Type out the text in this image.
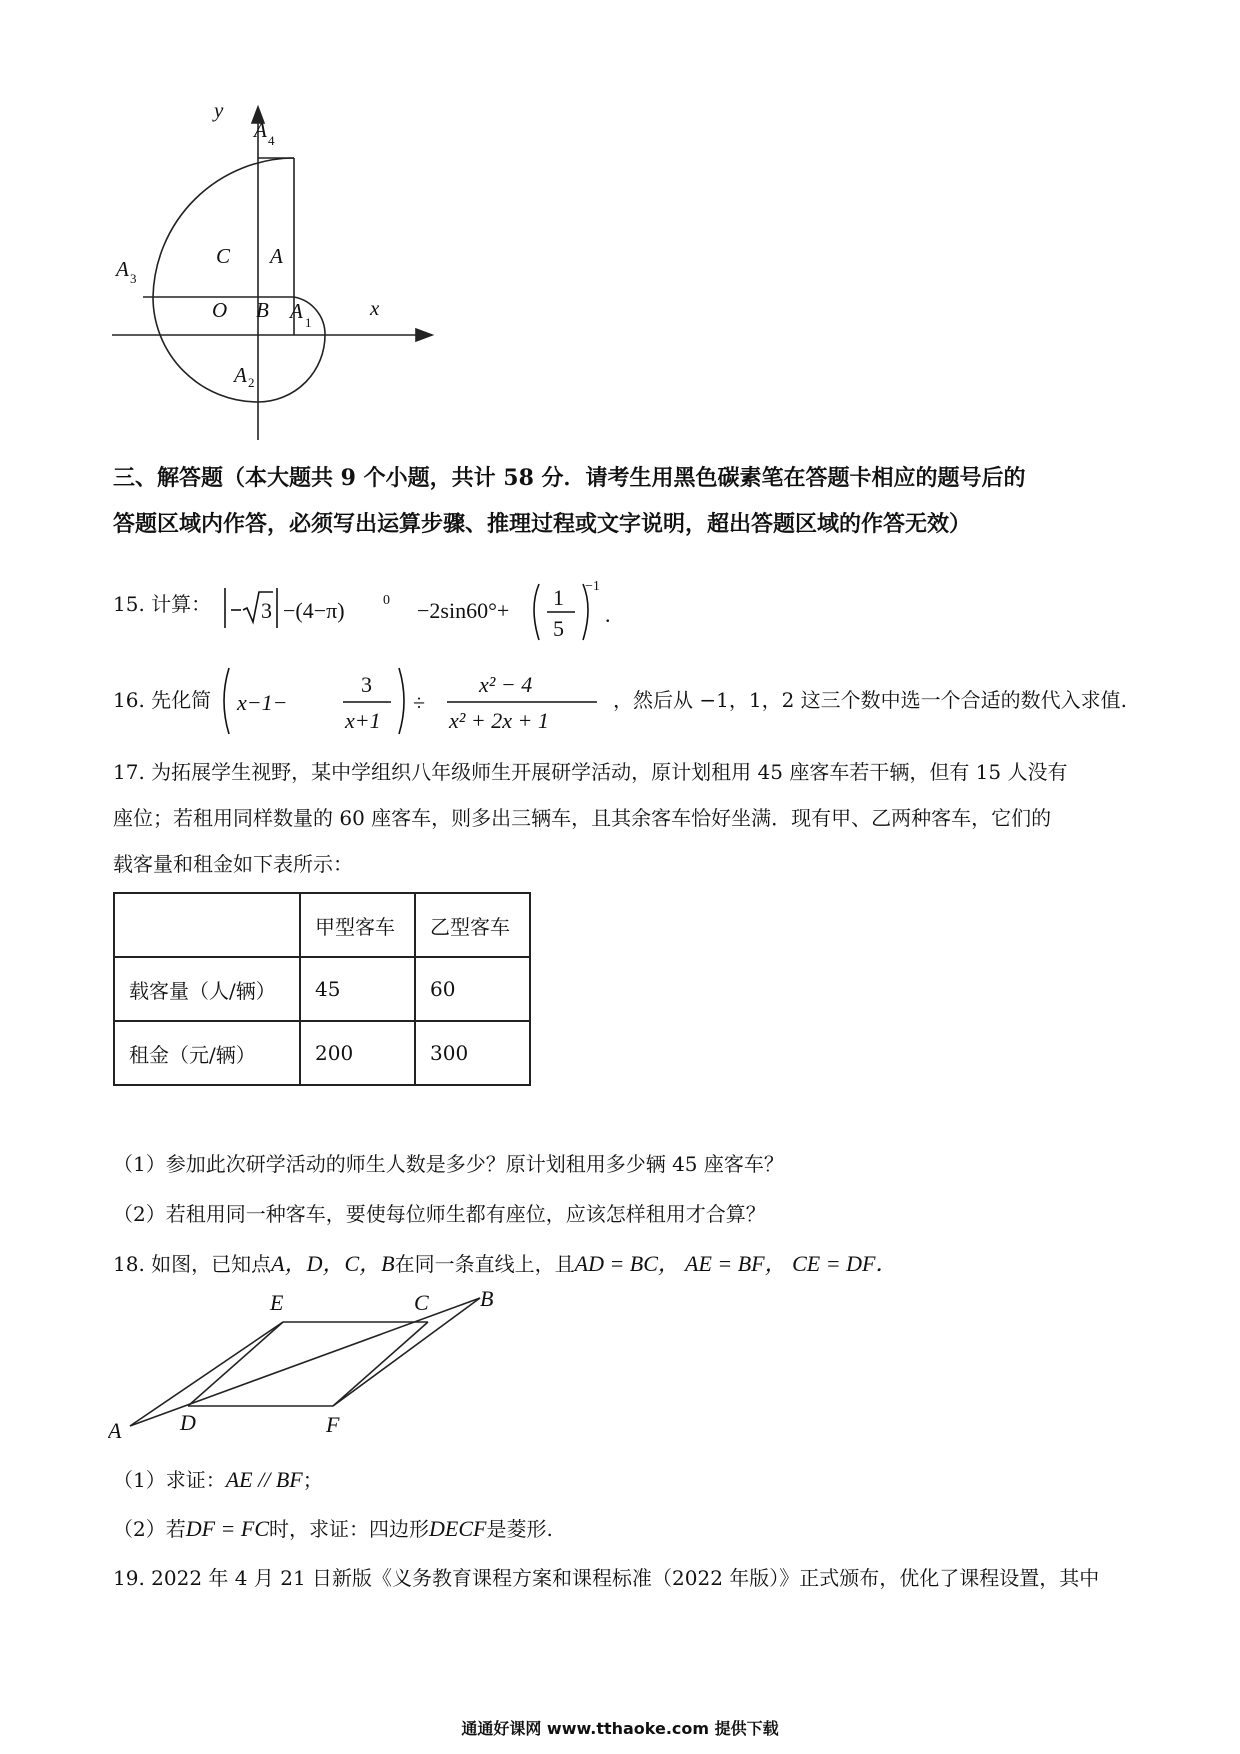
y
x
O B
C A
A
A
A
A
1
2
3
4
三、解答题（本大题共 9 个小题，共计 58 分．请考生用黑色碳素笔在答题卡相应的题号后的
答题区域内作答，必须写出运算步骤、推理过程或文字说明，超出答题区域的作答无效）
15. 计算： 3 −(4−π)	−2sin60°+
1
5
.
0
−1
16. 先化简 x−1−
3
x+1
÷
x² − 4
x² + 2x + 1
，然后从 −1，1，2 这三个数中选一个合适的数代入求值.
17. 为拓展学生视野，某中学组织八年级师生开展研学活动，原计划租用 45 座客车若干辆，但有 15 人没有
座位；若租用同样数量的 60 座客车，则多出三辆车，且其余客车恰好坐满．现有甲、乙两种客车，它们的
载客量和租金如下表所示：
	甲型客车	乙型客车
载客量（人/辆）	45	60
租金（元/辆）	200	300
（1）参加此次研学活动的师生人数是多少？原计划租用多少辆 45 座客车？
（2）若租用同一种客车，要使每位师生都有座位，应该怎样租用才合算？
18. 如图，已知点A，D，C，B在同一条直线上，且AD = BC， AE = BF， CE = DF．
A	D	F
E	C B
（1）求证：AE // BF；
（2）若DF = FC时，求证：四边形DECF是菱形.
19. 2022 年 4 月 21 日新版《义务教育课程方案和课程标准（2022 年版）》正式颁布，优化了课程设置，其中
通通好课网 www.tthaoke.com 提供下载
